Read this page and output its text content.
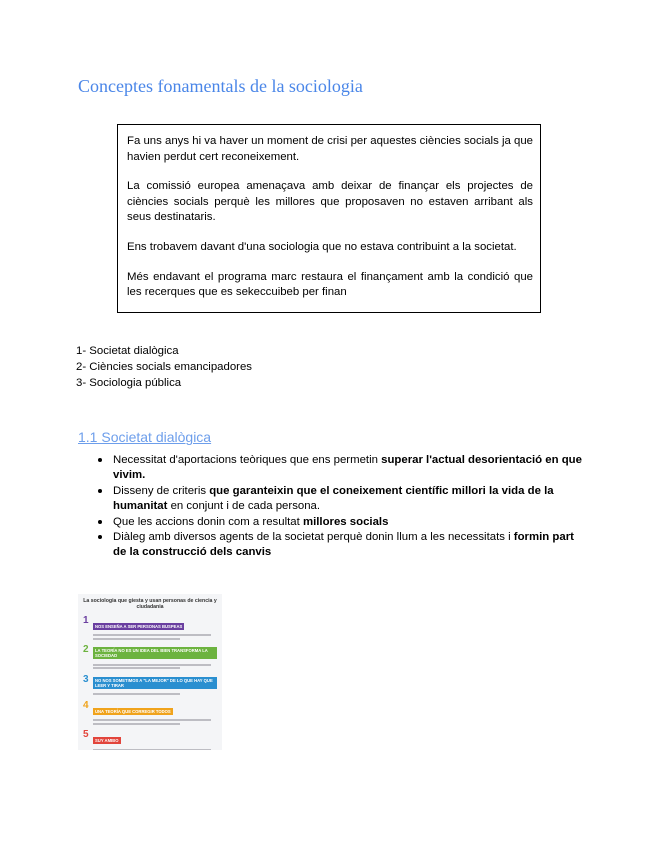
Conceptes fonamentals de la sociologia

Fa uns anys hi va haver un moment de crisi per aquestes ciències socials ja que havien perdut cert reconeixement.

La comissió europea amenaçava amb deixar de finançar els projectes de ciències socials perquè les millores que proposaven no estaven arribant als seus destinataris.

Ens trobavem davant d'una sociologia que no estava contribuint a la societat.

Més endavant el programa marc restaura el finançament amb la condició que les recerques que es sekeccuibeb per finan

1- Societat dialògica
2- Ciències socials emancipadores
3- Sociologia pública
1.1 Societat dialògica
Necessitat d'aportacions teòriques que ens permetin superar l'actual desorientació en que vivim.
Disseny de criteris que garanteixin que el coneixement científic millori la vida de la humanitat en conjunt i de cada persona.
Que les accions donin com a resultat millores socials
Diàleg amb diversos agents de la societat perquè donin llum a les necessitats i formin part de la construcció dels canvis
La sociologia que giesta y usan personas de ciencia y ciudadania
1
NOS ENSEÑA A SER PERSONAS BUSPEAS
2	LA TEORÍA NO ES UN IDEA DEL BIEN TRANSFORMA LA SOCIEDAD
3	NO NOS SOMETIMOS A "LA MEJOR" DE LO QUE HAY QUE LEER Y TIRAR
4
UNA TEORÍA QUE CORREGIR TODOS
5
SUY AMBIO
